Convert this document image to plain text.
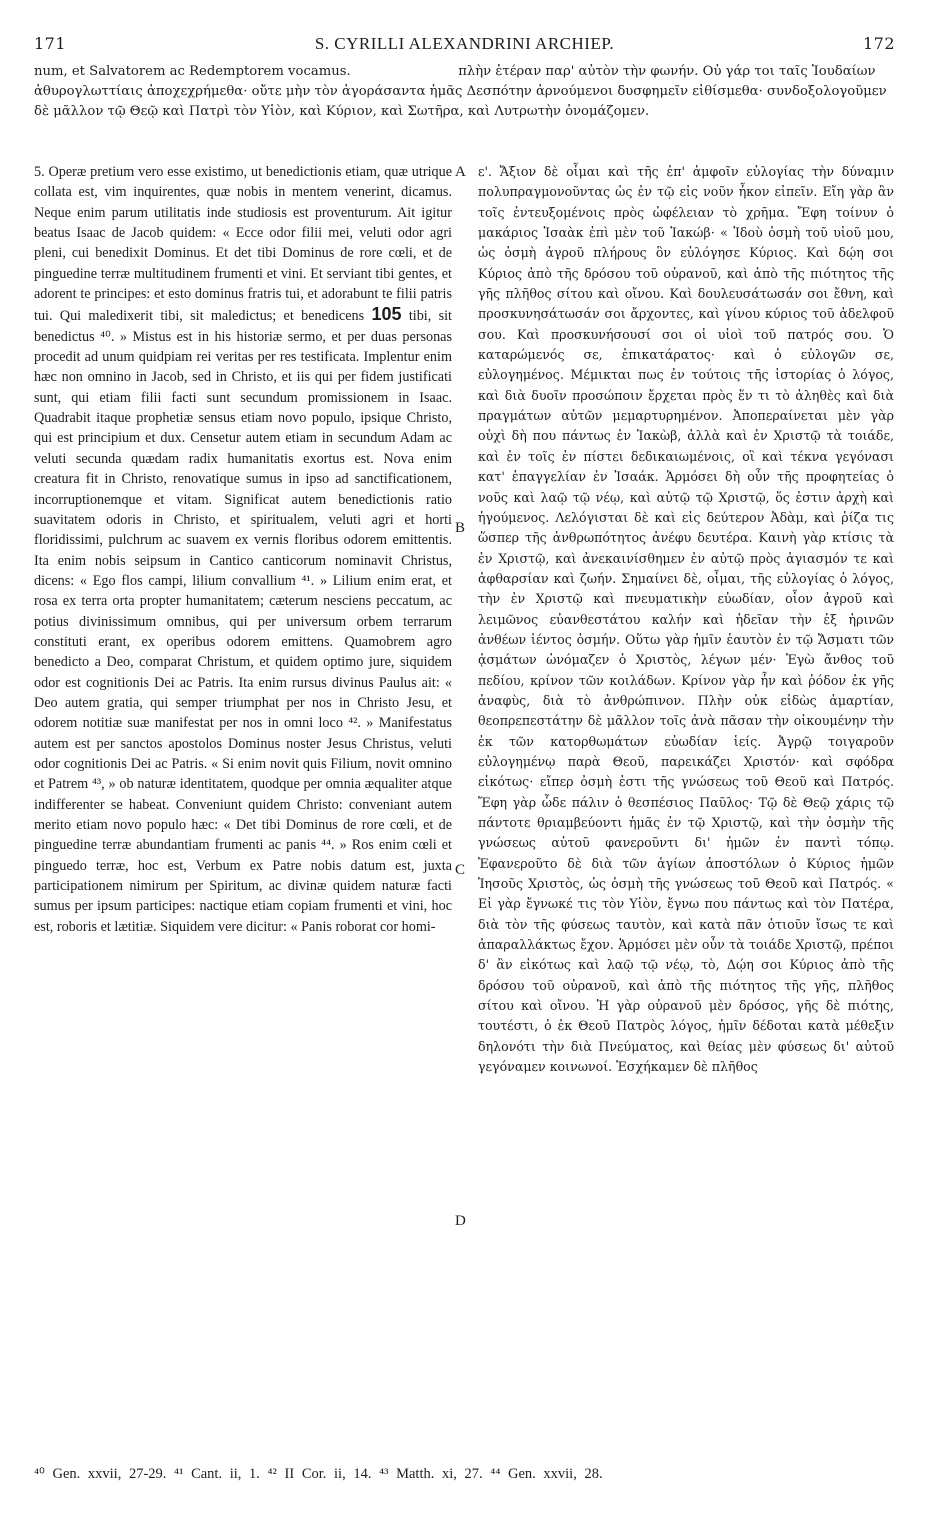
171	S. CYRILLI ALEXANDRINI ARCHIEP.	172
num, et Salvatorem ac Redemptorem vocamus.	πλὴν ἑτέραν παρ' αὐτὸν τὴν φωνήν. Οὐ γάρ τοι ταῖς Ἰουδαίων ἀθυρογλωττίαις ἀποχεχρήμεθα· οὔτε μὴν τὸν ἀγοράσαντα ἡμᾶς Δεσπότην ἀρνούμενοι δυσφημεῖν εἰθίσμεθα· συνδοξολογοῦμεν δὲ μᾶλλον τῷ Θεῷ καὶ Πατρὶ τὸν Υἱὸν, καὶ Κύριον, καὶ Σωτῆρα, καὶ Λυτρωτὴν ὀνομάζομεν.

5. Operæ pretium vero esse existimo, ut benedictionis etiam, quæ utrique collata est, vim inquirentes, quæ nobis in mentem venerint, dicamus. Neque enim parum utilitatis inde studiosis est proventurum. Ait igitur beatus Isaac de Jacob quidem: « Ecce odor filii mei, veluti odor agri pleni, cui benedixit Dominus. Et det tibi Dominus de rore cœli, et de pinguedine terræ multitudinem frumenti et vini. Et serviant tibi gentes, et adorent te principes: et esto dominus fratris tui, et adorabunt te filii patris tui. Qui maledixerit tibi, sit maledictus; et benedicens 105 tibi, sit benedictus ⁴⁰. » Mistus est in his historiæ sermo, et per duas personas procedit ad unum quidpiam rei veritas per res testificata. Implentur enim hæc non omnino in Jacob, sed in Christo, et iis qui per fidem justificati sunt, qui etiam filii facti sunt secundum promissionem in Isaac. Quadrabit itaque prophetiæ sensus etiam novo populo, ipsique Christo, qui est principium et dux. Censetur autem etiam in secundum Adam ac veluti secunda quædam radix humanitatis exortus est. Nova enim creatura fit in Christo, renovatique sumus in ipso ad sanctificationem, incorruptionemque et vitam. Significat autem benedictionis ratio suavitatem odoris in Christo, et spiritualem, veluti agri et horti floridissimi, pulchrum ac suavem ex vernis floribus odorem emittentis. Ita enim nobis seipsum in Cantico canticorum nominavit Christus, dicens: « Ego flos campi, lilium convallium ⁴¹. » Lilium enim erat, et rosa ex terra orta propter humanitatem; cæterum nesciens peccatum, ac potius divinissimum omnibus, qui per universum orbem terrarum constituti erant, ex operibus odorem emittens. Quamobrem agro benedicto a Deo, comparat Christum, et quidem optimo jure, siquidem odor est cognitionis Dei ac Patris. Ita enim rursus divinus Paulus ait: « Deo autem gratia, qui semper triumphat per nos in Christo Jesu, et odorem notitiæ suæ manifestat per nos in omni loco ⁴². » Manifestatus autem est per sanctos apostolos Dominus noster Jesus Christus, veluti odor cognitionis Dei ac Patris. « Si enim novit quis Filium, novit omnino et Patrem ⁴³, » ob naturæ identitatem, quodque per omnia æqualiter atque indifferenter se habeat. Conveniunt quidem Christo: conveniant autem merito etiam novo populo hæc: « Det tibi Dominus de rore cœli, et de pinguedine terræ abundantiam frumenti ac panis ⁴⁴. » Ros enim cœli et pinguedo terræ, hoc est, Verbum ex Patre nobis datum est, juxta participationem nimirum per Spiritum, ac divinæ quidem naturæ facti sumus per ipsum participes: nactique etiam copiam frumenti et vini, hoc est, roboris et lætitiæ. Siquidem vere dicitur: « Panis roborat cor homi-

A
B
C
D

ε'. Ἄξιον δὲ οἶμαι καὶ τῆς ἐπ' ἀμφοῖν εὐλογίας τὴν δύναμιν πολυπραγμονοῦντας ὡς ἐν τῷ εἰς νοῦν ἧκον εἰπεῖν. Εἴη γὰρ ἂν τοῖς ἐντευξομένοις πρὸς ὠφέλειαν τὸ χρῆμα. Ἔφη τοίνυν ὁ μακάριος Ἰσαὰκ ἐπὶ μὲν τοῦ Ἰακώβ· « Ἰδοὺ ὀσμὴ τοῦ υἱοῦ μου, ὡς ὀσμὴ ἀγροῦ πλήρους ὃν εὐλόγησε Κύριος. Καὶ δῴη σοι Κύριος ἀπὸ τῆς δρόσου τοῦ οὐρανοῦ, καὶ ἀπὸ τῆς πιότητος τῆς γῆς πλῆθος σίτου καὶ οἴνου. Καὶ δουλευσάτωσάν σοι ἔθνη, καὶ προσκυνησάτωσάν σοι ἄρχοντες, καὶ γίνου κύριος τοῦ ἀδελφοῦ σου. Καὶ προσκυνήσουσί σοι οἱ υἱοὶ τοῦ πατρός σου. Ὁ καταρώμενός σε, ἐπικατάρατος· καὶ ὁ εὐλογῶν σε, εὐλογημένος. Μέμικται πως ἐν τούτοις τῆς ἱστορίας ὁ λόγος, καὶ διὰ δυοῖν προσώποιν ἔρχεται πρὸς ἕν τι τὸ ἀληθὲς καὶ διὰ πραγμάτων αὐτῶν μεμαρτυρημένον. Ἀποπεραίνεται μὲν γὰρ οὐχὶ δὴ που πάντως ἐν Ἰακὼβ, ἀλλὰ καὶ ἐν Χριστῷ τὰ τοιάδε, καὶ ἐν τοῖς ἐν πίστει δεδικαιωμένοις, οἳ καὶ τέκνα γεγόνασι κατ' ἐπαγγελίαν ἐν Ἰσαάκ. Ἁρμόσει δὴ οὖν τῆς προφητείας ὁ νοῦς καὶ λαῷ τῷ νέῳ, καὶ αὐτῷ τῷ Χριστῷ, ὅς ἐστιν ἀρχὴ καὶ ἡγούμενος. Λελόγισται δὲ καὶ εἰς δεύτερον Ἀδὰμ, καὶ ῥίζα τις ὥσπερ τῆς ἀνθρωπότητος ἀνέφυ δευτέρα. Καινὴ γὰρ κτίσις τὰ ἐν Χριστῷ, καὶ ἀνεκαινίσθημεν ἐν αὐτῷ πρὸς ἁγιασμόν τε καὶ ἀφθαρσίαν καὶ ζωήν. Σημαίνει δὲ, οἶμαι, τῆς εὐλογίας ὁ λόγος, τὴν ἐν Χριστῷ καὶ πνευματικὴν εὐωδίαν, οἷον ἀγροῦ καὶ λειμῶνος εὐανθεστάτου καλήν καὶ ἡδεῖαν τὴν ἐξ ἠρινῶν ἀνθέων ἱέντος ὀσμήν. Οὕτω γὰρ ἡμῖν ἑαυτὸν ἐν τῷ Ἄσματι τῶν ᾀσμάτων ὠνόμαζεν ὁ Χριστὸς, λέγων μέν· Ἐγὼ ἄνθος τοῦ πεδίου, κρίνον τῶν κοιλάδων. Κρίνον γὰρ ἦν καὶ ῥόδον ἐκ γῆς ἀναφὺς, διὰ τὸ ἀνθρώπινον. Πλὴν οὐκ εἰδὼς ἁμαρτίαν, θεοπρεπεστάτην δὲ μᾶλλον τοῖς ἀνὰ πᾶσαν τὴν οἰκουμένην τὴν ἐκ τῶν κατορθωμάτων εὐωδίαν ἱείς. Ἀγρῷ τοιγαροῦν εὐλογημένῳ παρὰ Θεοῦ, παρεικάζει Χριστόν· καὶ σφόδρα εἰκότως· εἴπερ ὀσμὴ ἐστι τῆς γνώσεως τοῦ Θεοῦ καὶ Πατρός. Ἔφη γὰρ ὧδε πάλιν ὁ θεσπέσιος Παῦλος· Τῷ δὲ Θεῷ χάρις τῷ πάντοτε θριαμβεύοντι ἡμᾶς ἐν τῷ Χριστῷ, καὶ τὴν ὀσμὴν τῆς γνώσεως αὐτοῦ φανεροῦντι δι' ἡμῶν ἐν παντὶ τόπῳ. Ἐφανεροῦτο δὲ διὰ τῶν ἁγίων ἀποστόλων ὁ Κύριος ἡμῶν Ἰησοῦς Χριστὸς, ὡς ὀσμὴ τῆς γνώσεως τοῦ Θεοῦ καὶ Πατρός. « Εἰ γὰρ ἔγνωκέ τις τὸν Υἱὸν, ἔγνω που πάντως καὶ τὸν Πατέρα, διὰ τὸν τῆς φύσεως ταυτὸν, καὶ κατὰ πᾶν ὁτιοῦν ἴσως τε καὶ ἀπαραλλάκτως ἔχον. Ἁρμόσει μὲν οὖν τὰ τοιάδε Χριστῷ, πρέποι δ' ἂν εἰκότως καὶ λαῷ τῷ νέῳ, τὸ, Δῴη σοι Κύριος ἀπὸ τῆς δρόσου τοῦ οὐρανοῦ, καὶ ἀπὸ τῆς πιότητος τῆς γῆς, πλῆθος σίτου καὶ οἴνου. Ἡ γὰρ οὐρανοῦ μὲν δρόσος, γῆς δὲ πιότης, τουτέστι, ὁ ἐκ Θεοῦ Πατρὸς λόγος, ἡμῖν δέδοται κατὰ μέθεξιν δηλονότι τὴν διὰ Πνεύματος, καὶ θείας μὲν φύσεως δι' αὐτοῦ γεγόναμεν κοινωνοί. Ἐσχήκαμεν δὲ πλῆθος

⁴⁰ Gen. xxvii, 27-29. ⁴¹ Cant. ii, 1. ⁴² II Cor. ii, 14. ⁴³ Matth. xi, 27. ⁴⁴ Gen. xxvii, 28.
